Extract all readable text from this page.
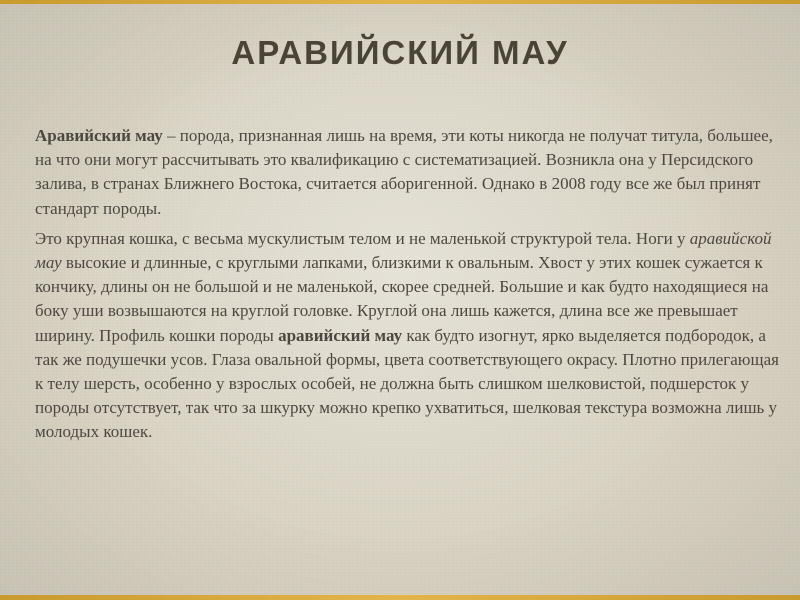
АРАВИЙСКИЙ МАУ

Аравийский мау – порода, признанная лишь на время, эти коты никогда не получат титула, большее, на что они могут рассчитывать это квалификацию с систематизацией. Возникла она у Персидского залива, в странах Ближнего Востока, считается аборигенной. Однако в 2008 году все же был принят стандарт породы.

Это крупная кошка, с весьма мускулистым телом и не маленькой структурой тела. Ноги у аравийской мау высокие и длинные, с круглыми лапками, близкими к овальным. Хвост у этих кошек сужается к кончику, длины он не большой и не маленькой, скорее средней. Большие и как будто находящиеся на боку уши возвышаются на круглой головке. Круглой она лишь кажется, длина все же превышает ширину. Профиль кошки породы аравийский мау как будто изогнут, ярко выделяется подбородок, а так же подушечки усов. Глаза овальной формы, цвета соответствующего окрасу. Плотно прилегающая к телу шерсть, особенно у взрослых особей, не должна быть слишком шелковистой, подшерсток у породы отсутствует, так что за шкурку можно крепко ухватиться, шелковая текстура возможна лишь у молодых кошек.
